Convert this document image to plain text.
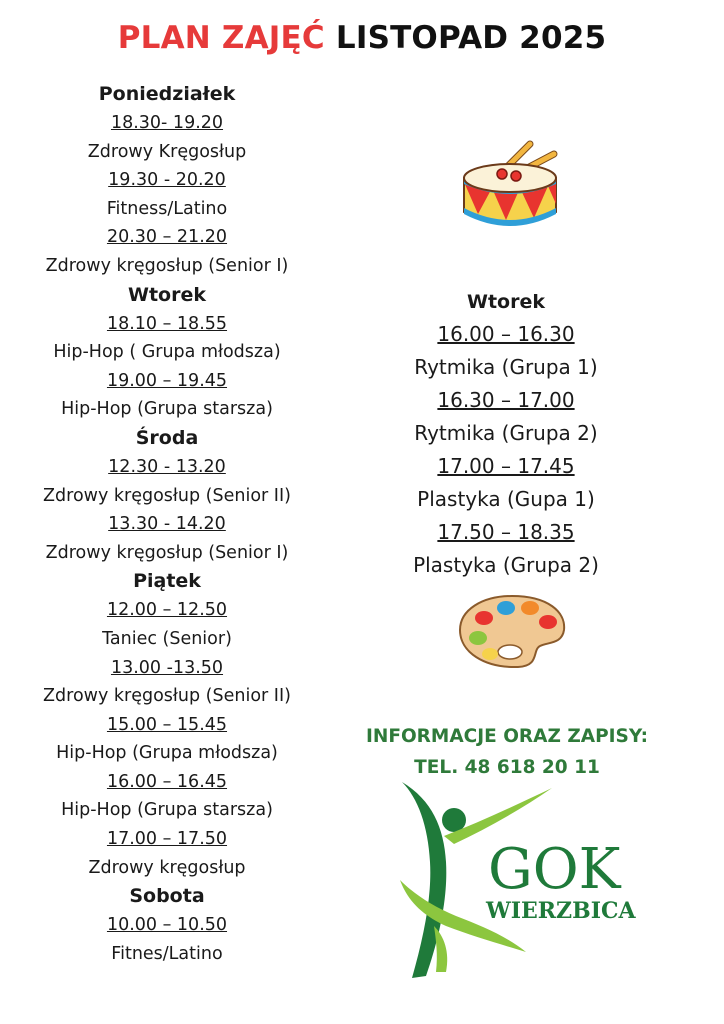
PLAN ZAJĘĆ LISTOPAD 2025
Poniedziałek
18.30- 19.20
Zdrowy Kręgosłup
19.30 - 20.20
Fitness/Latino
20.30 – 21.20
Zdrowy kręgosłup (Senior I)
Wtorek
18.10 – 18.55
Hip-Hop ( Grupa młodsza)
19.00 – 19.45
Hip-Hop (Grupa starsza)
Środa
12.30 - 13.20
Zdrowy kręgosłup (Senior II)
13.30 - 14.20
Zdrowy kręgosłup (Senior I)
Piątek
12.00 – 12.50
Taniec (Senior)
13.00 -13.50
Zdrowy kręgosłup (Senior II)
15.00 – 15.45
Hip-Hop (Grupa młodsza)
16.00 – 16.45
Hip-Hop (Grupa starsza)
17.00 – 17.50
Zdrowy kręgosłup
Sobota
10.00 – 10.50
Fitnes/Latino
Wtorek
16.00 – 16.30
Rytmika (Grupa 1)
16.30 – 17.00
Rytmika (Grupa 2)
17.00 – 17.45
Plastyka (Gupa 1)
17.50 – 18.35
Plastyka (Grupa 2)
INFORMACJE ORAZ ZAPISY:
TEL. 48 618 20 11
GOK
WIERZBICA
